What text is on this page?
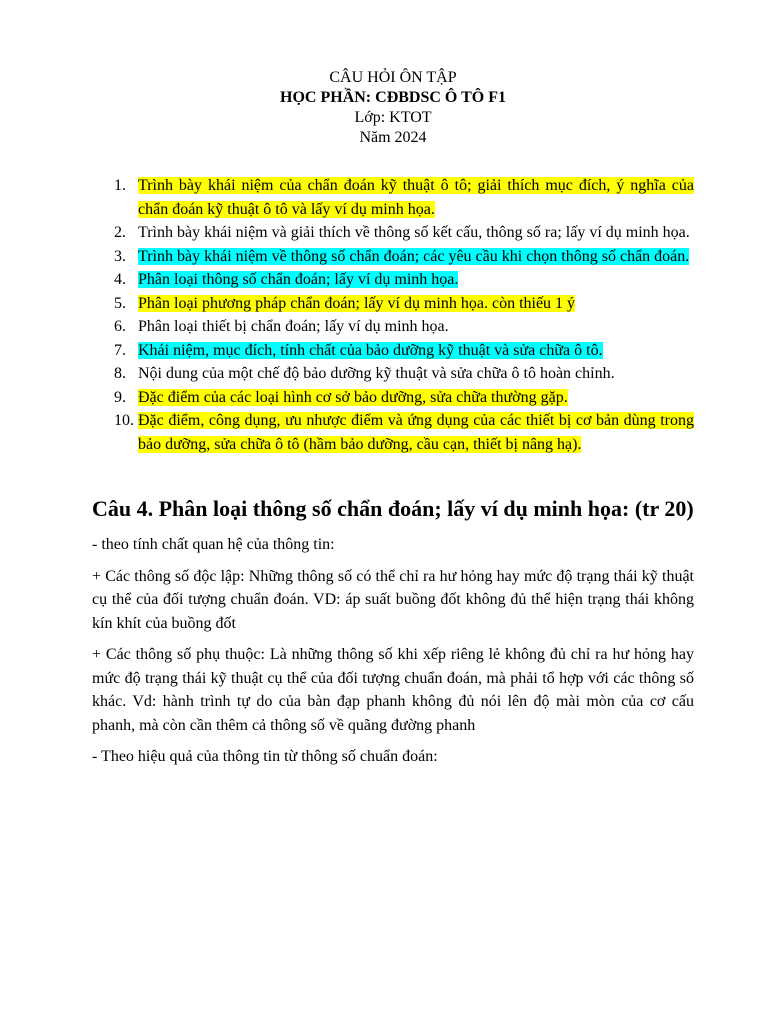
CÂU HỎI ÔN TẬP
HỌC PHẦN: CĐBDSC Ô TÔ F1
Lớp: KTOT
Năm 2024
1. Trình bày khái niệm của chẩn đoán kỹ thuật ô tô; giải thích mục đích, ý nghĩa của chẩn đoán kỹ thuật ô tô và lấy ví dụ minh họa.
2. Trình bày khái niệm và giải thích về thông số kết cấu, thông số ra; lấy ví dụ minh họa.
3. Trình bày khái niệm về thông số chẩn đoán; các yêu cầu khi chọn thông số chẩn đoán.
4. Phân loại thông số chẩn đoán; lấy ví dụ minh họa.
5. Phân loại phương pháp chẩn đoán; lấy ví dụ minh họa. còn thiếu 1 ý
6. Phân loại thiết bị chẩn đoán; lấy ví dụ minh họa.
7. Khái niệm, mục đích, tính chất của bảo dưỡng kỹ thuật và sửa chữa ô tô.
8. Nội dung của một chế độ bảo dưỡng kỹ thuật và sửa chữa ô tô hoàn chỉnh.
9. Đặc điểm của các loại hình cơ sở bảo dưỡng, sửa chữa thường gặp.
10. Đặc điểm, công dụng, ưu nhược điểm và ứng dụng của các thiết bị cơ bản dùng trong bảo dưỡng, sửa chữa ô tô (hầm bảo dưỡng, cầu cạn, thiết bị nâng hạ).
Câu 4. Phân loại thông số chẩn đoán; lấy ví dụ minh họa: (tr 20)

- theo tính chất quan hệ của thông tin:

+ Các thông số độc lập: Những thông số có thể chỉ ra hư hỏng hay mức độ trạng thái kỹ thuật cụ thể của đối tượng chuẩn đoán. VD: áp suất buồng đốt không đủ thể hiện trạng thái không kín khít của buồng đốt

+ Các thông số phụ thuộc: Là những thông số khi xếp riêng lẻ không đủ chỉ ra hư hỏng hay mức độ trạng thái kỹ thuật cụ thể của đối tượng chuẩn đoán, mà phải tổ hợp với các thông số khác. Vd: hành trình tự do của bàn đạp phanh không đủ nói lên độ mài mòn của cơ cấu phanh, mà còn cần thêm cả thông số về quãng đường phanh

- Theo hiệu quả của thông tin từ thông số chuẩn đoán:
